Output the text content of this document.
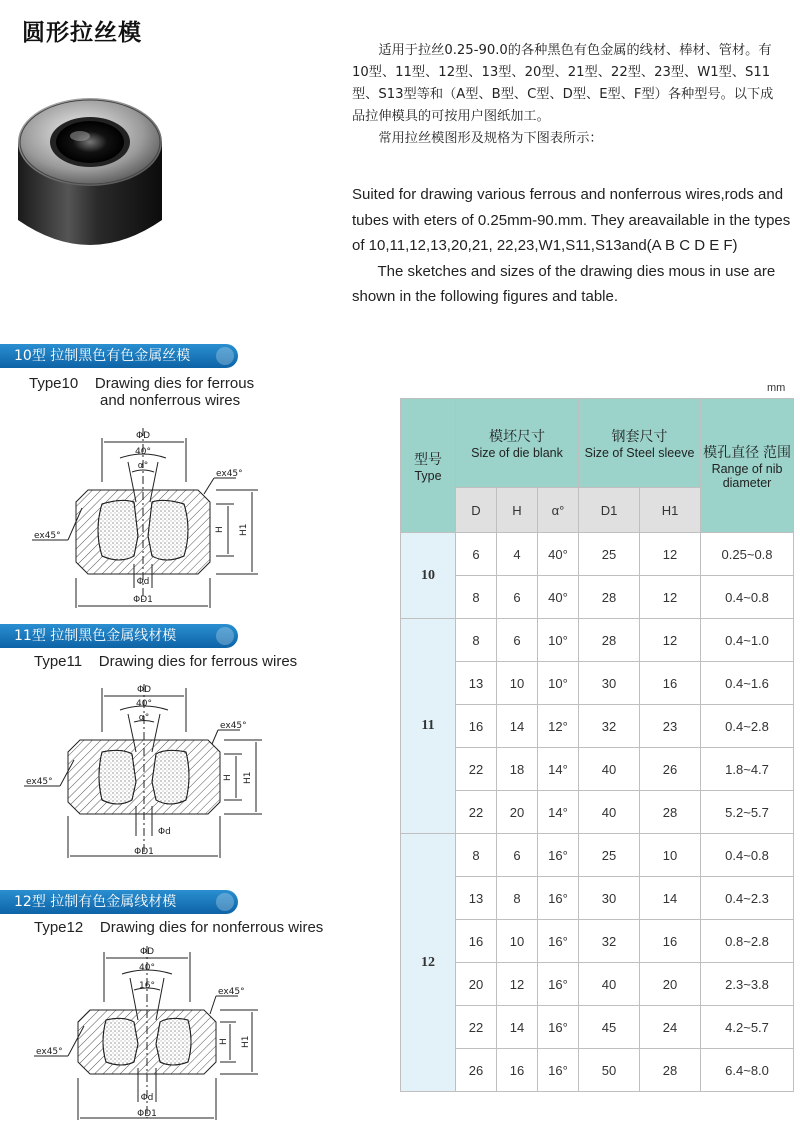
圆形拉丝模

适用于拉丝0.25-90.0的各种黑色有色金属的线材、棒材、管材。有10型、11型、12型、13型、20型、21型、22型、23型、W1型、S11型、S13型等和（A型、B型、C型、D型、E型、F型）各种型号。以下成品拉伸模具的可按用户图纸加工。

常用拉丝模图形及规格为下图表所示：

Suited for drawing various ferrous and nonferrous wires,rods and tubes with eters of 0.25mm-90.mm. They areavailable in the types of 10,11,12,13,20,21, 22,23,W1,S11,S13and(A B C D E F)

The sketches and sizes of the drawing dies mous in use are shown in the following figures and table.

10型 拉制黑色有色金属丝模
Type10    Drawing dies for ferrous
and nonferrous wires
11型 拉制黑色金属线材模
Type11    Drawing dies for ferrous wires
12型 拉制有色金属线材模
Type12    Drawing dies for nonferrous wires
ΦD
40°
α°
ex45°
ex45°
H H1
Φd
ΦD1
ΦD
40°
α°
ex45°
ex45°	H H1
Φd
ΦD1
ΦD
40°
16°
ex45°
ex45°
H H1
Φd
ΦD1
mm
型号
Type	模坯尺寸
Size of die blank			钢套尺寸
Size of Steel sleeve		模孔直径 范围
Range of nib diameter

	D	H	α°	D1	H1	
10	6	4	40°	25	12	0.25~0.8
	8	6	40°	28	12	0.4~0.8
11	8	6	10°	28	12	0.4~1.0
	13	10	10°	30	16	0.4~1.6
	16	14	12°	32	23	0.4~2.8
	22	18	14°	40	26	1.8~4.7
	22	20	14°	40	28	5.2~5.7
12	8	6	16°	25	10	0.4~0.8
	13	8	16°	30	14	0.4~2.3
	16	10	16°	32	16	0.8~2.8
	20	12	16°	40	20	2.3~3.8
	22	14	16°	45	24	4.2~5.7
	26	16	16°	50	28	6.4~8.0
